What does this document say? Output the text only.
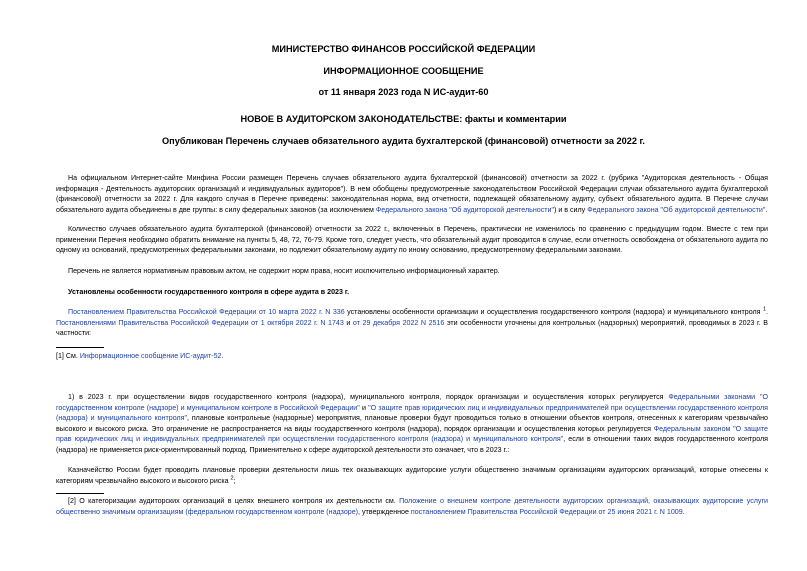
МИНИСТЕРСТВО ФИНАНСОВ РОССИЙСКОЙ ФЕДЕРАЦИИ
ИНФОРМАЦИОННОЕ СООБЩЕНИЕ
от 11 января 2023 года N ИС-аудит-60
НОВОЕ В АУДИТОРСКОМ ЗАКОНОДАТЕЛЬСТВЕ: факты и комментарии
Опубликован Перечень случаев обязательного аудита бухгалтерской (финансовой) отчетности за 2022 г.
На официальном Интернет-сайте Минфина России размещен Перечень случаев обязательного аудита бухгалтерской (финансовой) отчетности за 2022 г. (рубрика "Аудиторская деятельность - Общая информация - Деятельность аудиторских организаций и индивидуальных аудиторов"). В нем обобщены предусмотренные законодательством Российской Федерации случаи обязательного аудита бухгалтерской (финансовой) отчетности за 2022 г. Для каждого случая в Перечне приведены: законодательная норма, вид отчетности, подлежащей обязательному аудиту, субъект обязательного аудита. В Перечне случаи обязательного аудита объединены в две группы: в силу федеральных законов (за исключением Федерального закона "Об аудиторской деятельности") и в силу Федерального закона "Об аудиторской деятельности".
Количество случаев обязательного аудита бухгалтерской (финансовой) отчетности за 2022 г., включенных в Перечень, практически не изменилось по сравнению с предыдущим годом. Вместе с тем при применении Перечня необходимо обратить внимание на пункты 5, 48, 72, 76-79. Кроме того, следует учесть, что обязательный аудит проводится в случае, если отчетность освобождена от обязательного аудита по одному из оснований, предусмотренных федеральными законами, но подлежит обязательному аудиту по иному основанию, предусмотренному федеральными законами.
Перечень не является нормативным правовым актом, не содержит норм права, носит исключительно информационный характер.
Установлены особенности государственного контроля в сфере аудита в 2023 г.
Постановлением Правительства Российской Федерации от 10 марта 2022 г. N 336 установлены особенности организации и осуществления государственного контроля (надзора) и муниципального контроля $^1$. Постановлениями Правительства Российской Федерации от 1 октября 2022 г. N 1743 и от 29 декабря 2022 N 2516 эти особенности уточнены для контрольных (надзорных) мероприятий, проводимых в 2023 г. В частности:
[1] См. Информационное сообщение ИС-аудит-52.
1) в 2023 г. при осуществлении видов государственного контроля (надзора), муниципального контроля, порядок организации и осуществления которых регулируется Федеральными законами "О государственном контроле (надзоре) и муниципальном контроле в Российской Федерации" и "О защите прав юридических лиц и индивидуальных предпринимателей при осуществлении государственного контроля (надзора) и муниципального контроля", плановые контрольные (надзорные) мероприятия, плановые проверки будут проводиться только в отношении объектов контроля, отнесенных к категориям чрезвычайно высокого и высокого риска. Это ограничение не распространяется на виды государственного контроля (надзора), порядок организации и осуществления которых регулируется Федеральным законом "О защите прав юридических лиц и индивидуальных предпринимателей при осуществлении государственного контроля (надзора) и муниципального контроля", если в отношении таких видов государственного контроля (надзора) не применяется риск-ориентированный подход. Применительно к сфере аудиторской деятельности это означает, что в 2023 г.:
Казначейство России будет проводить плановые проверки деятельности лишь тех оказывающих аудиторские услуги общественно значимым организациям аудиторских организаций, которые отнесены к категориям чрезвычайно высокого и высокого риска $^2$;
[2] О категоризации аудиторских организаций в целях внешнего контроля их деятельности см. Положение о внешнем контроле деятельности аудиторских организаций, оказывающих аудиторские услуги общественно значимым организациям (федеральном государственном контроле (надзоре), утвержденное постановлением Правительства Российской Федерации от 25 июня 2021 г. N 1009.
